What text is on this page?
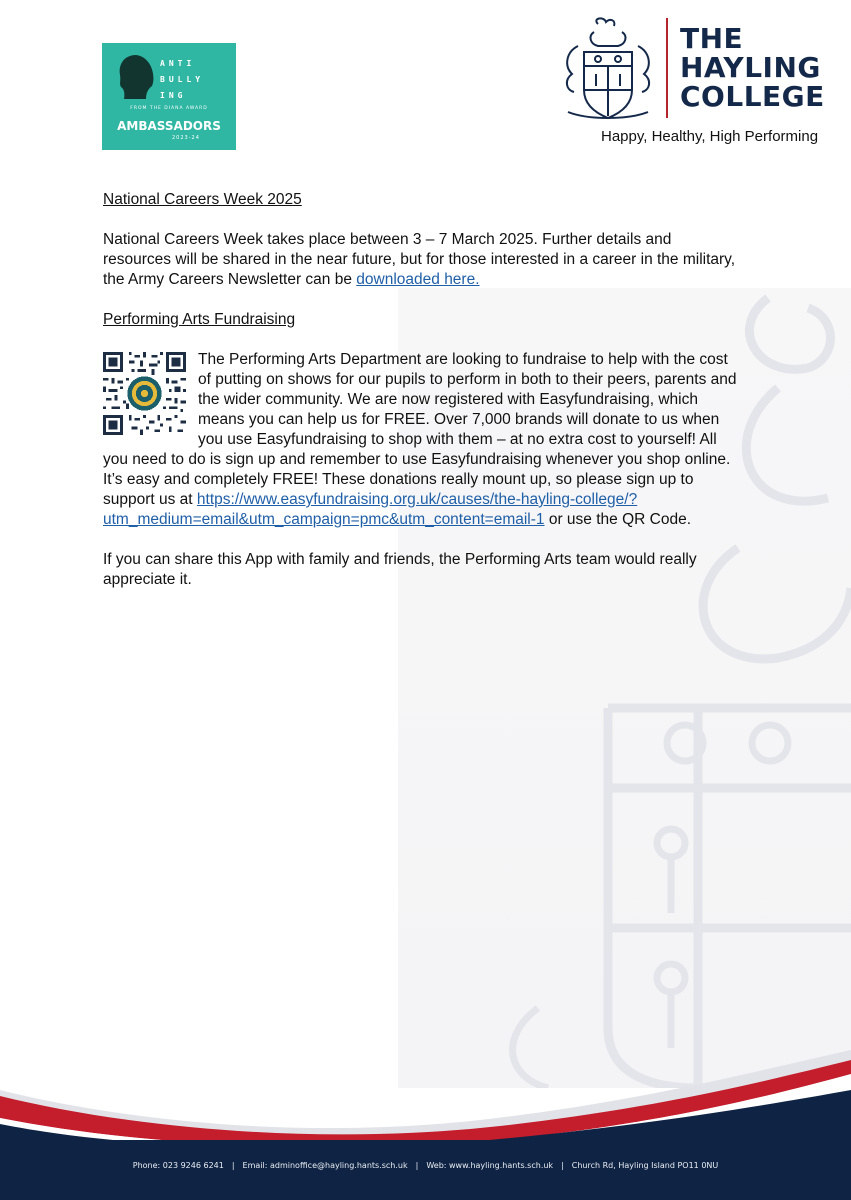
ANTI
BULLY
ING
FROM THE DIANA AWARD
AMBASSADORS
2023-24
THE
HAYLING
COLLEGE
Happy, Healthy, High Performing

National Careers Week 2025

National Careers Week takes place between 3 – 7 March 2025. Further details and resources will be shared in the near future, but for those interested in a career in the military, the Army Careers Newsletter can be downloaded here.

Performing Arts Fundraising

The Performing Arts Department are looking to fundraise to help with the cost of putting on shows for our pupils to perform in both to their peers, parents and the wider community. We are now registered with Easyfundraising, which means you can help us for FREE. Over 7,000 brands will donate to us when you use Easyfundraising to shop with them – at no extra cost to yourself! All you need to do is sign up and remember to use Easyfundraising whenever you shop online. It’s easy and completely FREE! These donations really mount up, so please sign up to support us at https://www.easyfundraising.org.uk/causes/the-hayling-college/?utm_medium=email&utm_campaign=pmc&utm_content=email-1 or use the QR Code.

If you can share this App with family and friends, the Performing Arts team would really appreciate it.

Phone: 023 9246 6241 | Email: adminoffice@hayling.hants.sch.uk | Web: www.hayling.hants.sch.uk | Church Rd, Hayling Island PO11 0NU
